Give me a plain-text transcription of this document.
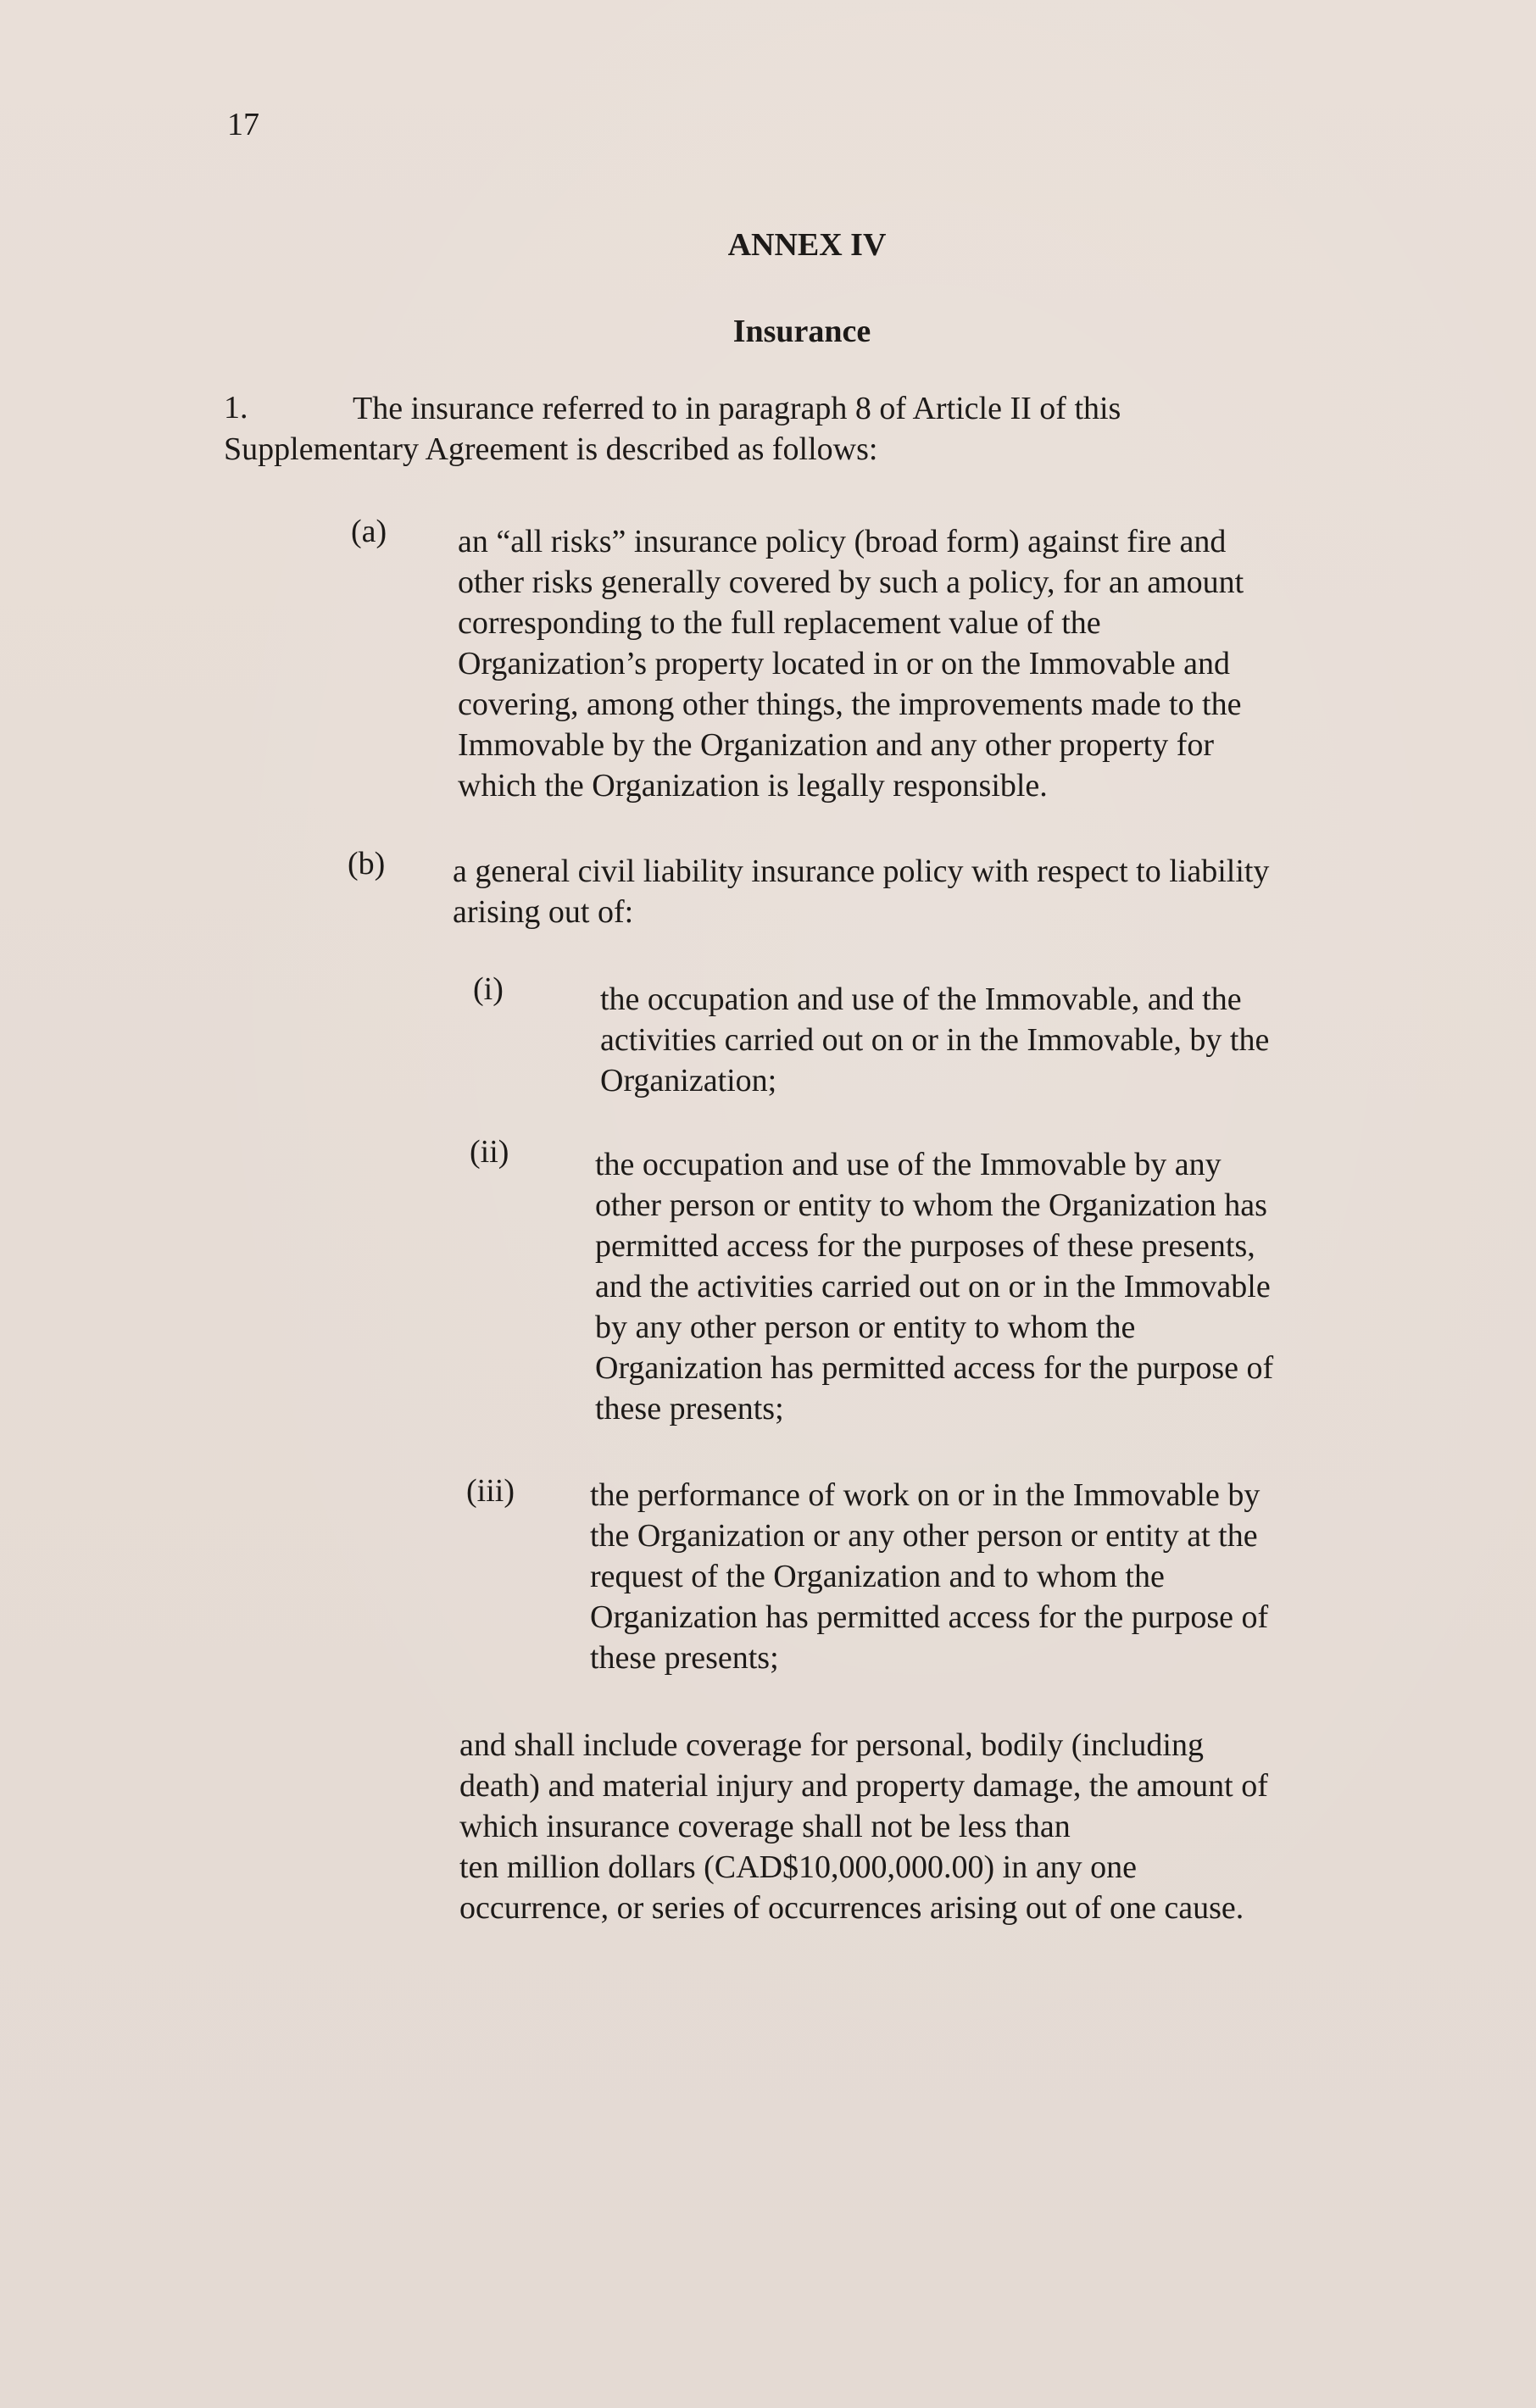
17
ANNEX IV
Insurance
1.	The insurance referred to in paragraph 8 of Article II of this
Supplementary Agreement is described as follows:
(a) an “all risks” insurance policy (broad form) against fire and
other risks generally covered by such a policy, for an amount
corresponding to the full replacement value of the
Organization’s property located in or on the Immovable and
covering, among other things, the improvements made to the
Immovable by the Organization and any other property for
which the Organization is legally responsible.
(b) a general civil liability insurance policy with respect to liability
arising out of:
(i)	the occupation and use of the Immovable, and the
activities carried out on or in the Immovable, by the
Organization;
(ii)	the occupation and use of the Immovable by any
other person or entity to whom the Organization has
permitted access for the purposes of these presents,
and the activities carried out on or in the Immovable
by any other person or entity to whom the
Organization has permitted access for the purpose of
these presents;
(iii) the performance of work on or in the Immovable by
the Organization or any other person or entity at the
request of the Organization and to whom the
Organization has permitted access for the purpose of
these presents;
and shall include coverage for personal, bodily (including
death) and material injury and property damage, the amount of
which insurance coverage shall not be less than
ten million dollars (CAD$10,000,000.00) in any one
occurrence, or series of occurrences arising out of one cause.
